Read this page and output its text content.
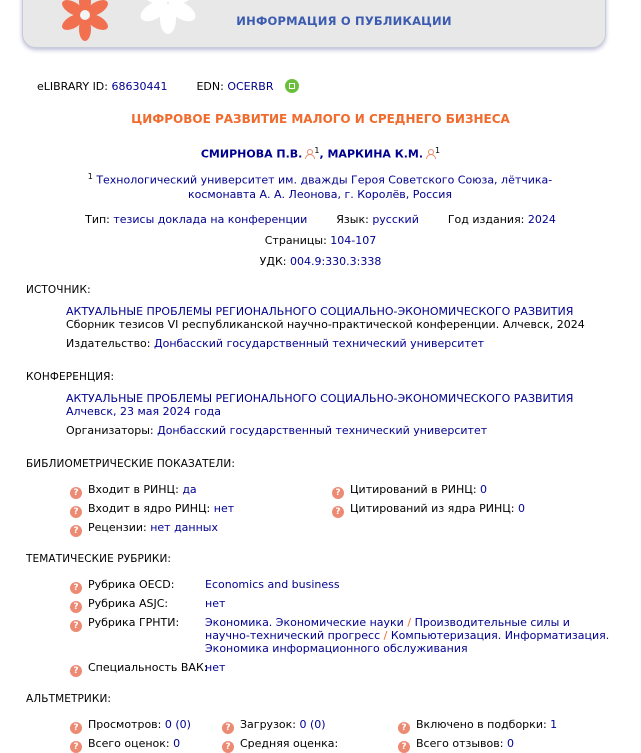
ИНФОРМАЦИЯ О ПУБЛИКАЦИИ
eLIBRARY ID: 68630441	EDN: OCERBR
ЦИФРОВОЕ РАЗВИТИЕ МАЛОГО И СРЕДНЕГО БИЗНЕСА
СМИРНОВА П.В. $^1$, МАРКИНА К.М. $^1$
$^1$ Технологический университет им. дважды Героя Советского Союза, лётчика-космонавта А. А. Леонова, г. Королёв, Россия
Тип: тезисы доклада на конференции	Язык: русский	Год издания: 2024
Страницы: 104-107
УДК: 004.9:330.3:338
ИСТОЧНИК:
АКТУАЛЬНЫЕ ПРОБЛЕМЫ РЕГИОНАЛЬНОГО СОЦИАЛЬНО-ЭКОНОМИЧЕСКОГО РАЗВИТИЯ
Сборник тезисов VI республиканской научно-практической конференции. Алчевск, 2024
Издательство: Донбасский государственный технический университет
КОНФЕРЕНЦИЯ:
АКТУАЛЬНЫЕ ПРОБЛЕМЫ РЕГИОНАЛЬНОГО СОЦИАЛЬНО-ЭКОНОМИЧЕСКОГО РАЗВИТИЯ
Алчевск, 23 мая 2024 года
Организаторы: Донбасский государственный технический университет
БИБЛИОМЕТРИЧЕСКИЕ ПОКАЗАТЕЛИ:
? Входит в РИНЦ: да
? Входит в ядро РИНЦ: нет
? Рецензии: нет данных
? Цитирований в РИНЦ: 0
? Цитирований из ядра РИНЦ: 0
ТЕМАТИЧЕСКИЕ РУБРИКИ:
? Рубрика OECD:	Economics and business
? Рубрика ASJC:	нет
? Рубрика ГРНТИ: Экономика. Экономические науки / Производительные силы и
научно-технический прогресс / Компьютеризация. Информатизация.
Экономика информационного обслуживания
? Специальность ВАК:
нет
АЛЬТМЕТРИКИ:
? Просмотров: 0 (0)	? Загрузок: 0 (0)	? Включено в подборки: 1
? Всего оценок: 0	? Средняя оценка:	? Всего отзывов: 0
